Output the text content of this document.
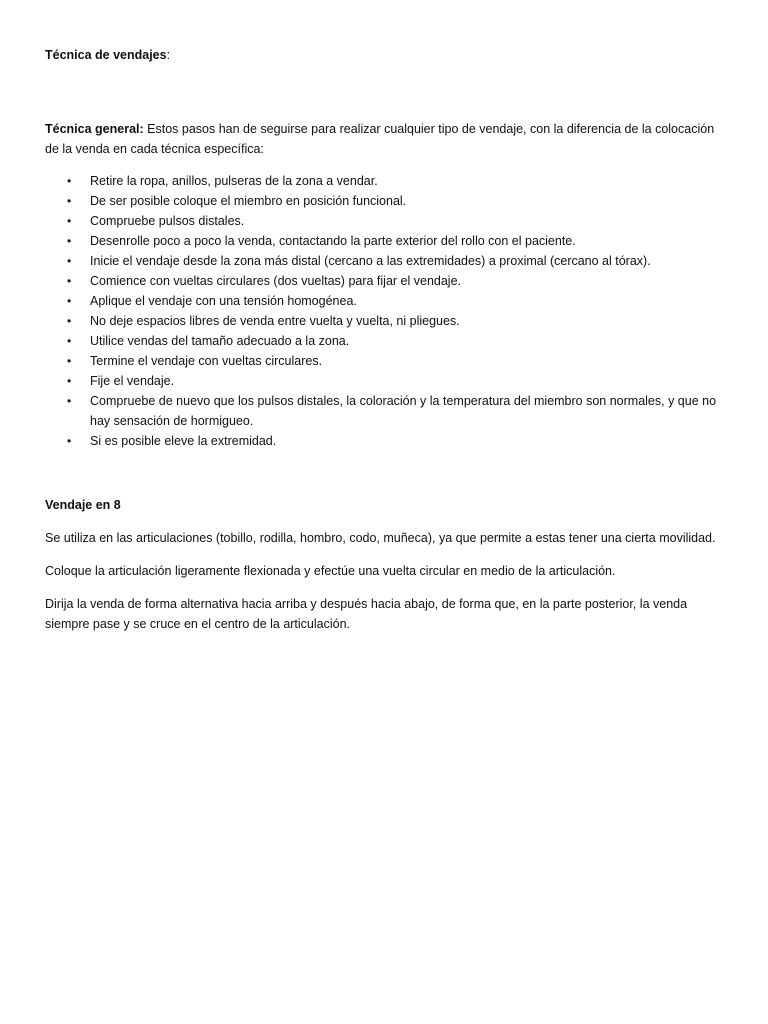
Técnica de vendajes:

Técnica general: Estos pasos han de seguirse para realizar cualquier tipo de vendaje, con la diferencia de la colocación de la venda en cada técnica específica:

• Retire la ropa, anillos, pulseras de la zona a vendar.
• De ser posible coloque el miembro en posición funcional.
• Compruebe pulsos distales.
• Desenrolle poco a poco la venda, contactando la parte exterior del rollo con el paciente.
• Inicie el vendaje desde la zona más distal (cercano a las extremidades) a proximal (cercano al tórax).
• Comience con vueltas circulares (dos vueltas) para fijar el vendaje.
• Aplique el vendaje con una tensión homogénea.
• No deje espacios libres de venda entre vuelta y vuelta, ni pliegues.
• Utilice vendas del tamaño adecuado a la zona.
• Termine el vendaje con vueltas circulares.
• Fije el vendaje.
• Compruebe de nuevo que los pulsos distales, la coloración y la temperatura del miembro son normales, y que no hay sensación de hormigueo.
• Si es posible eleve la extremidad.
Vendaje en 8

Se utiliza en las articulaciones (tobillo, rodilla, hombro, codo, muñeca), ya que permite a estas tener una cierta movilidad.

Coloque la articulación ligeramente flexionada y efectúe una vuelta circular en medio de la articulación.

Dirija la venda de forma alternativa hacia arriba y después hacia abajo, de forma que, en la parte posterior, la venda siempre pase y se cruce en el centro de la articulación.
